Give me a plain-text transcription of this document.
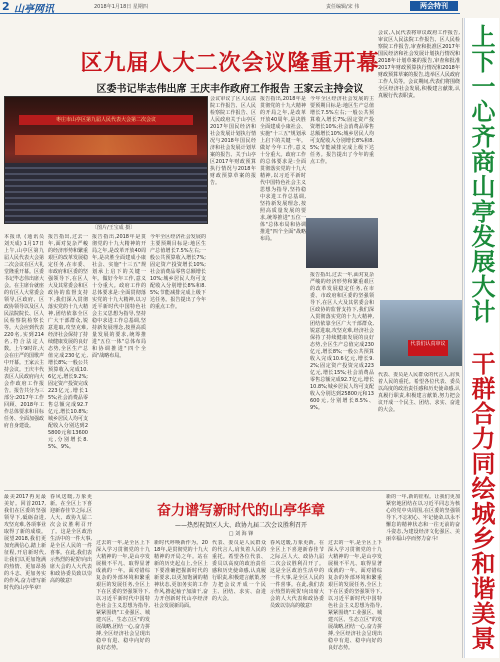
2 山亭网讯	2018年1月18日 星期四	责任编辑/宋 伟	两会特刊
区九届人大二次会议隆重开幕
区委书记毕志伟出席 王庆丰作政府工作报告 王家云主持会议
枣庄市山亭区第九届人民代表大会第二次会议
〔图片/王宝成 摄〕
本报讯 (通讯员 刘天成) 1月17日上午,山亭区第九届人民代表大会第二次会议在区大礼堂隆重开幕。区委书记毕志伟出席大会。在主席台就座的有区人大常委会领导,区政府、区政协领导以及区人民法院院长、区人民检察院检察长等。大会应到代表220名,实到214名,符合法定人数。上午9时许,大会在庄严的国歌声中开幕。王家云主持会议。王庆丰代表区人民政府向大会作政府工作报告。报告共分为三部分:2017年工作回顾、2018年工作总体要求和目标任务、全面加强政府自身建设。
报告指出,过去一年,面对复杂严峻的经济形势和繁重艰巨的改革发展稳定任务,在市委、市政府和区委的坚强领导下,在区人大及其常委会和区政协的监督支持下,我们深入贯彻落实党的十九大精神,团结依靠全区广大干部群众,锐意进取,攻坚克难,经济社会保持了持续健康发展的良好态势,全区生产总值完成230亿元,增长8%;一般公共预算收入完成10.6亿元,增长9.2%;固定资产投资完成223亿元,增长15%;社会消费品零售总额完成92.7亿元,增长10.8%;城乡居民人均可支配收入分别达到25800元和13600元,分别增长8.5%、9%。
报告指出,2018年是贯彻党的十九大精神的开局之年,是改革开放40周年,是决胜全面建成小康社会、实施"十三五"规划承上启下的关键一年。做好今年工作,意义十分重大。政府工作的总体要求是:全面贯彻落实党的十九大精神,以习近平新时代中国特色社会主义思想为指导,坚持稳中求进工作总基调,坚持新发展理念,按照高质量发展的要求,统筹推进"五位一体"总体布局和协调推进"四个全面"战略布局。
今年全区经济社会发展的主要预期目标是:地区生产总值增长7.5%左右;一般公共预算收入增长7%;固定资产投资增长10%;社会消费品零售总额增长10%;城乡居民人均可支配收入分别增长8%和8.5%;节能减排完成上级下达任务。报告提出了今年的重点工作。
会议审议了区人民法院工作报告、区人民检察院工作报告、区人民政府关于山亭区2017年国民经济和社会发展计划执行情况与2018年国民经济和社会发展计划草案的报告、关于山亭区2017年财政预算执行情况与2018年财政预算草案的报告。
报告指出,2018年是贯彻党的十九大精神的开局之年,是改革开放40周年,是决胜全面建成小康社会、实施"十三五"规划承上启下的关键一年。做好今年工作,意义十分重大。政府工作的总体要求是:全面贯彻落实党的十九大精神,以习近平新时代中国特色社会主义思想为指导,坚持稳中求进工作总基调,坚持新发展理念,按照高质量发展的要求,统筹推进"五位一体"总体布局和协调推进"四个全面"战略布局。
今年全区经济社会发展的主要预期目标是:地区生产总值增长7.5%左右;一般公共预算收入增长7%;固定资产投资增长10%;社会消费品零售总额增长10%;城乡居民人均可支配收入分别增长8%和8.5%;节能减排完成上级下达任务。报告提出了今年的重点工作。
报告指出,过去一年,面对复杂严峻的经济形势和繁重艰巨的改革发展稳定任务,在市委、市政府和区委的坚强领导下,在区人大及其常委会和区政协的监督支持下,我们深入贯彻落实党的十九大精神,团结依靠全区广大干部群众,锐意进取,攻坚克难,经济社会保持了持续健康发展的良好态势,全区生产总值完成230亿元,增长8%;一般公共预算收入完成10.6亿元,增长9.2%;固定资产投资完成223亿元,增长15%;社会消费品零售总额完成92.7亿元,增长10.8%;城乡居民人均可支配收入分别达到25800元和13600元,分别增长8.5%、9%。
会议,人民代表将审议政府工作报告,审议区人民法院工作报告、区人民检察院工作报告,审查和批准区2017年国民经济和社会发展计划执行情况和2018年计划草案的报告,审查和批准2017年财政预算执行情况和2018年财政预算草案的报告,选举区人民政府工作人员等。会议期间,代表们将围绕全区经济社会发展,积极建言献策,认真履行代表职责。
代表们认真审议
代表、委员是人民群众的代言人,肩负着人民的重托。希望各位代表、委员以高度的政治责任感和历史使命感,认真履行职责,积极建言献策,努力把会议开成一个民主、团结、求实、奋进的大会。
最美2017再见最美好。回首2017,我们在区委的坚强领导下,砥砺奋进,攻坚克难,各项事业取得了新的成绩。展望2018,我们更加充满信心,踏上新征程,开启新时代,让我们以更加饱满的热情、更加昂扬的斗志、更加务实的作风,奋力谱写新时代的山亭华章!
春风送暖,万象更新。在全区上下喜迎新春佳节之际,区人大、政协九届二次会议胜利召开了。这是全区政治生活中的一件大事,是全区人民的一件喜事。在此,我们表示热烈的祝贺!向出席大会的人大代表和政协委员致以崇高的敬意!
奋力谱写新时代的山亭华章
——热烈祝贺区人大、政协九届二次会议胜利召开
□ 刘 海 锋
过去的一年,是全区上下深入学习贯彻党的十九大精神的一年,是山亭发展极不平凡、取得显著成就的一年。面对错综复杂的外部环境和繁重艰巨的发展任务,全区上下在区委的坚强领导下,以习近平新时代中国特色社会主义思想为指导,紧紧围绕"工业强区、城建兴区、生态立区"的发展战略,团结一心,奋力拼搏,全区经济社会呈现出稳中有进、稳中向好的良好态势。
新时代呼唤新作为。2018年,是贯彻党的十九大精神的开局之年。站在新的历史起点上,全区上下要准确把握新时代的新要求,以更加饱满的精神状态,更加务实的工作作风,撸起袖子加油干,奋力开创新时代山亭经济社会发展新局面。
代表、委员是人民群众的代言人,肩负着人民的重托。希望各位代表、委员以高度的政治责任感和历史使命感,认真履行职责,积极建言献策,努力把会议开成一个民主、团结、求实、奋进的大会。
春风送暖,万象更新。在全区上下喜迎新春佳节之际,区人大、政协九届二次会议胜利召开了。这是全区政治生活中的一件大事,是全区人民的一件喜事。在此,我们表示热烈的祝贺!向出席大会的人大代表和政协委员致以崇高的敬意!
过去的一年,是全区上下深入学习贯彻党的十九大精神的一年,是山亭发展极不平凡、取得显著成就的一年。面对错综复杂的外部环境和繁重艰巨的发展任务,全区上下在区委的坚强领导下,以习近平新时代中国特色社会主义思想为指导,紧紧围绕"工业强区、城建兴区、生态立区"的发展战略,团结一心,奋力拼搏,全区经济社会呈现出稳中有进、稳中向好的良好态势。
新的一年,新的征程。让我们更加紧密地团结在以习近平同志为核心的党中央周围,在区委的坚强领导下,不忘初心、牢记使命,以永不懈怠的精神状态和一往无前的奋斗姿态,为建设经济文化强区、美丽幸福山亭而努力奋斗!
上下一心齐商山亭发展大计
干群合力同绘城乡和谐美景
